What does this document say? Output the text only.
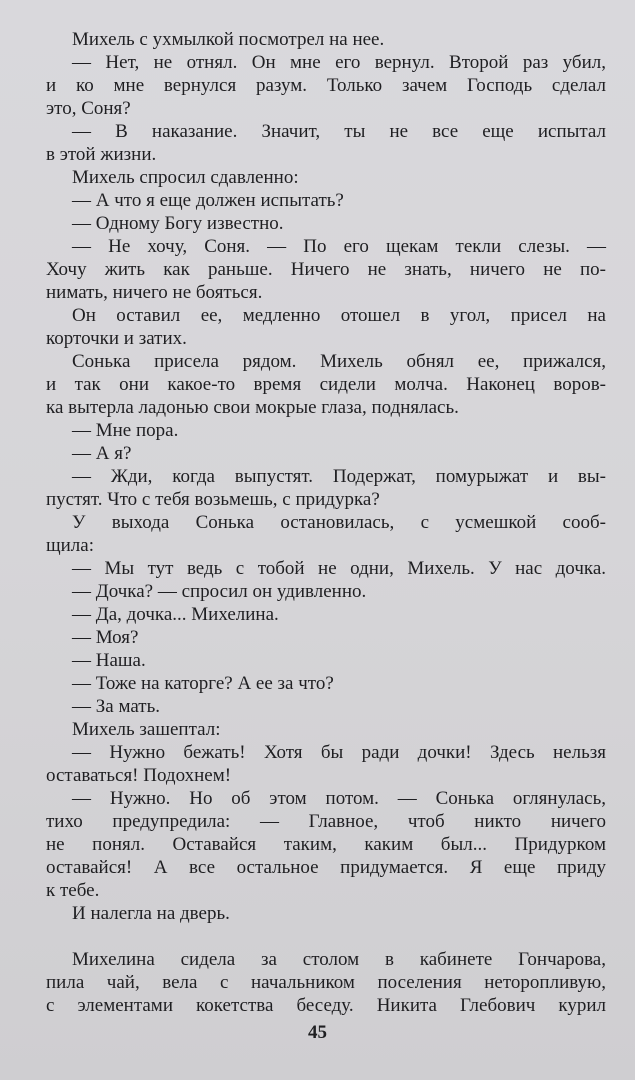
Михель с ухмылкой посмотрел на нее.
— Нет, не отнял. Он мне его вернул. Второй раз убил,
и ко мне вернулся разум. Только зачем Господь сделал
это, Соня?
— В наказание. Значит, ты не все еще испытал
в этой жизни.
Михель спросил сдавленно:
— А что я еще должен испытать?
— Одному Богу известно.
— Не хочу, Соня. — По его щекам текли слезы. —
Хочу жить как раньше. Ничего не знать, ничего не по-
нимать, ничего не бояться.
Он оставил ее, медленно отошел в угол, присел на
корточки и затих.
Сонька присела рядом. Михель обнял ее, прижался,
и так они какое-то время сидели молча. Наконец воров-
ка вытерла ладонью свои мокрые глаза, поднялась.
— Мне пора.
— А я?
— Жди, когда выпустят. Подержат, помурыжат и вы-
пустят. Что с тебя возьмешь, с придурка?
У выхода Сонька остановилась, с усмешкой сооб-
щила:
— Мы тут ведь с тобой не одни, Михель. У нас дочка.
— Дочка? — спросил он удивленно.
— Да, дочка... Михелина.
— Моя?
— Наша.
— Тоже на каторге? А ее за что?
— За мать.
Михель зашептал:
— Нужно бежать! Хотя бы ради дочки! Здесь нельзя
оставаться! Подохнем!
— Нужно. Но об этом потом. — Сонька оглянулась,
тихо предупредила: — Главное, чтоб никто ничего
не понял. Оставайся таким, каким был... Придурком
оставайся! А все остальное придумается. Я еще приду
к тебе.
И налегла на дверь.
Михелина сидела за столом в кабинете Гончарова,
пила чай, вела с начальником поселения неторопливую,
с элементами кокетства беседу. Никита Глебович курил
45
